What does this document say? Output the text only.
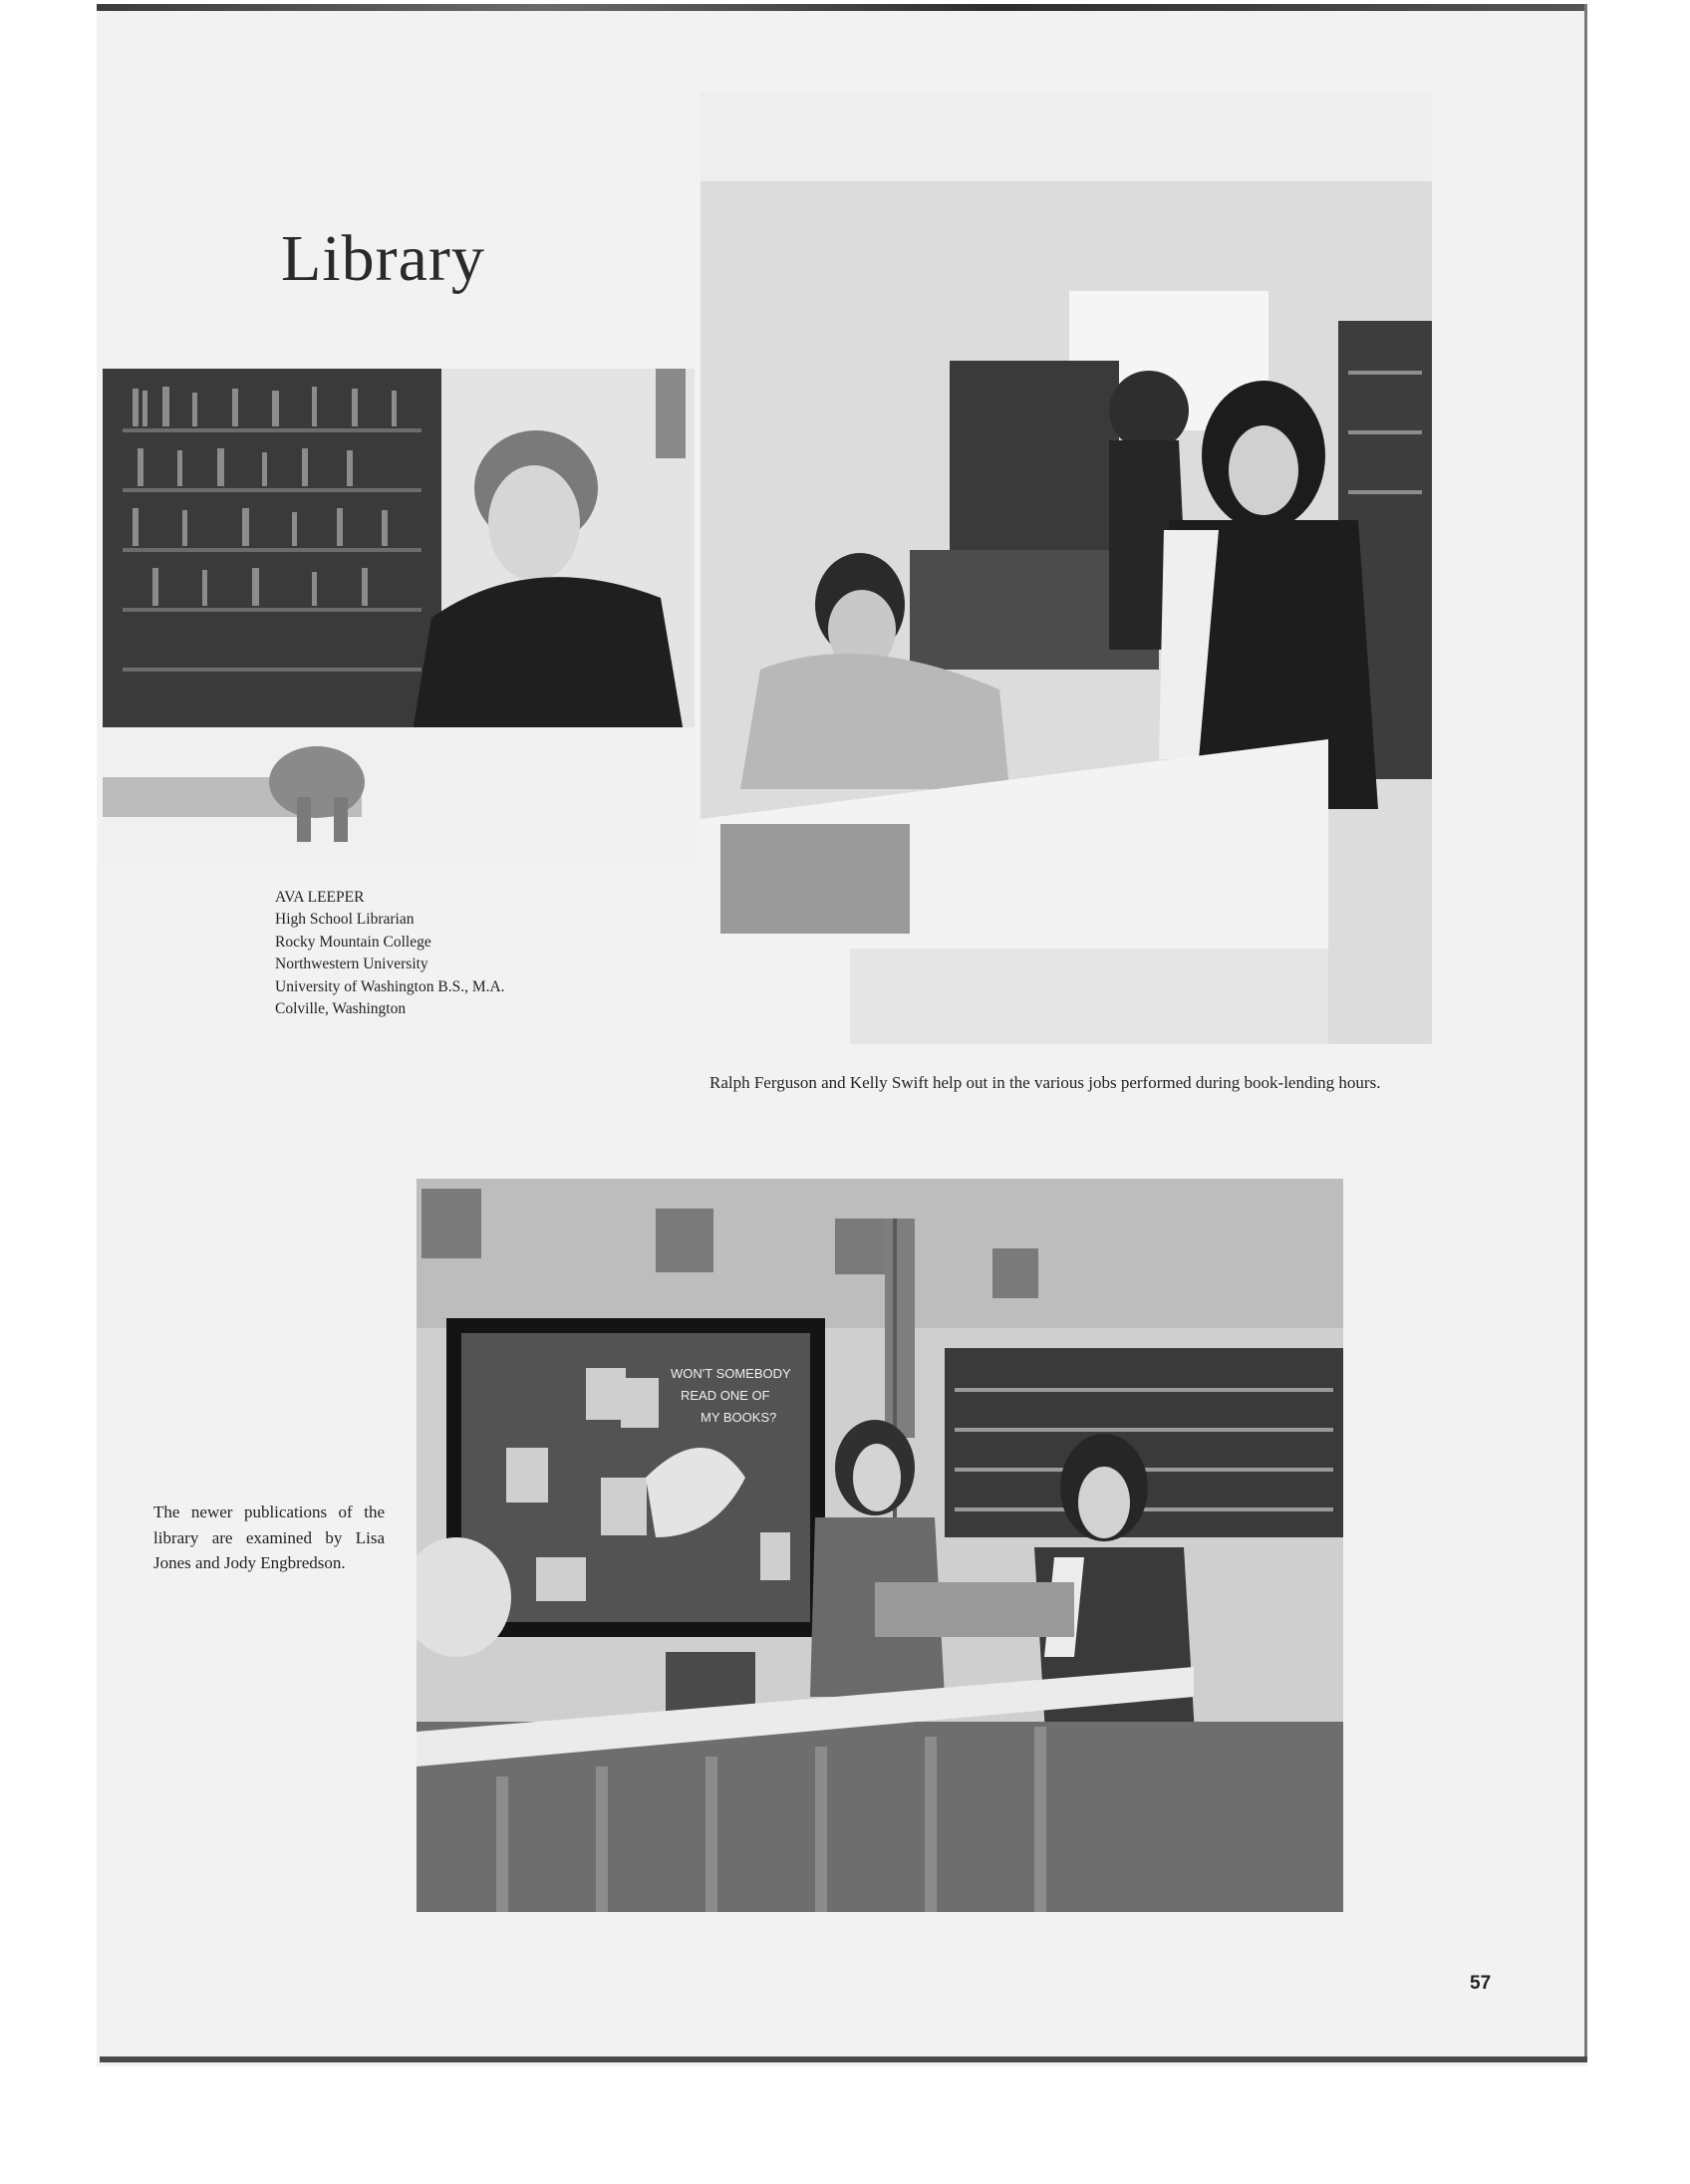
Library
WON'T SOMEBODY
READ ONE OF
MY BOOKS?
AVA LEEPER
High School Librarian
Rocky Mountain College
Northwestern University
University of Washington B.S., M.A.
Colville, Washington
Ralph Ferguson and Kelly Swift help out in the various jobs performed during book-lending hours.
The newer publications of the library are examined by Lisa Jones and Jody Engbredson.
57
